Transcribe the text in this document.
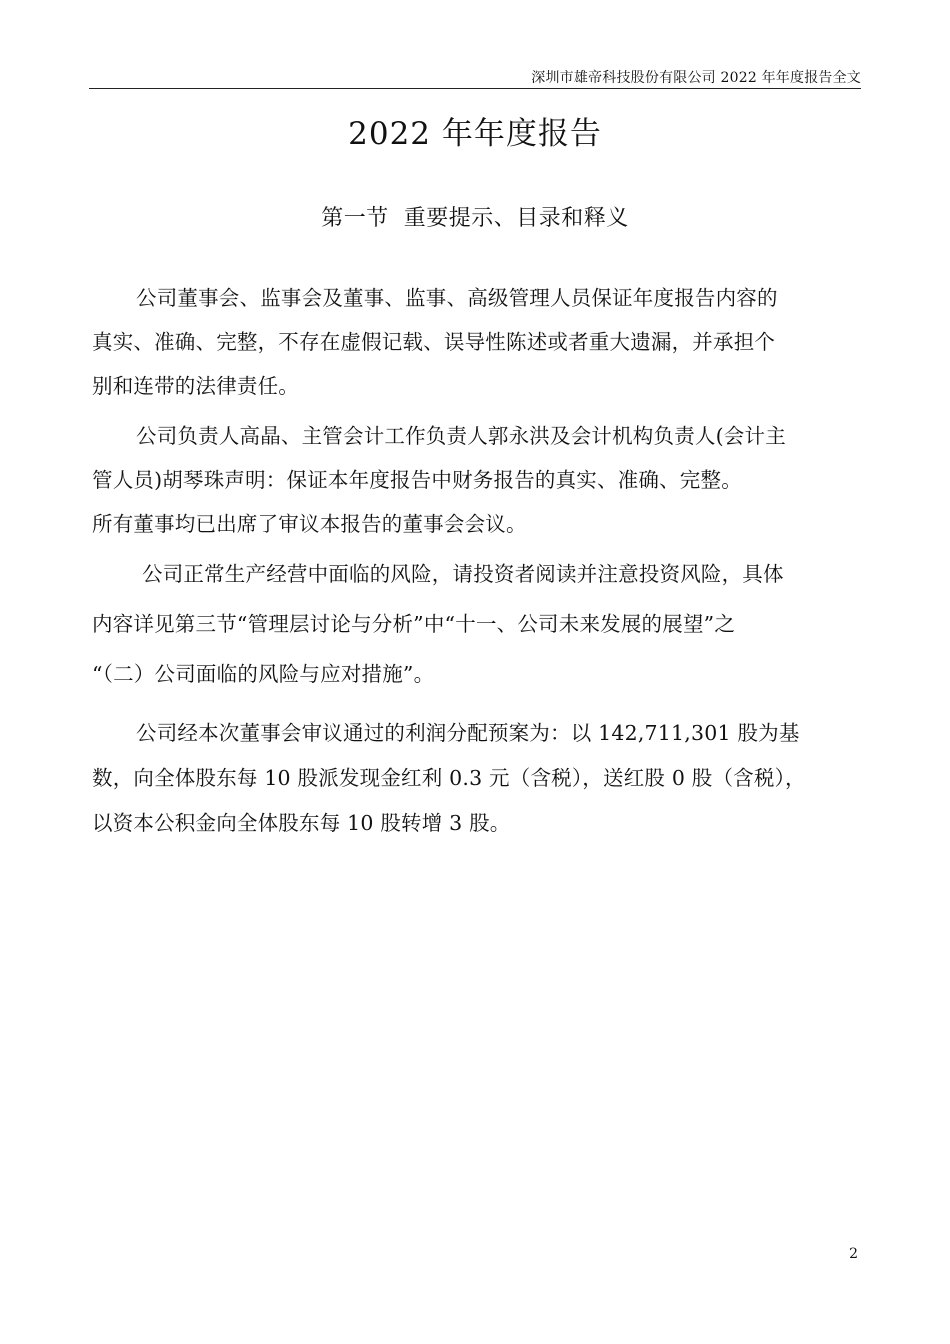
深圳市雄帝科技股份有限公司 2022 年年度报告全文
2022 年年度报告
第一节  重要提示、目录和释义
公司董事会、监事会及董事、监事、高级管理人员保证年度报告内容的
真实、准确、完整，不存在虚假记载、误导性陈述或者重大遗漏，并承担个
别和连带的法律责任。
公司负责人高晶、主管会计工作负责人郭永洪及会计机构负责人(会计主
管人员)胡琴珠声明：保证本年度报告中财务报告的真实、准确、完整。
所有董事均已出席了审议本报告的董事会会议。
公司正常生产经营中面临的风险，请投资者阅读并注意投资风险，具体
内容详见第三节“管理层讨论与分析”中“十一、公司未来发展的展望”之
“（二）公司面临的风险与应对措施”。
公司经本次董事会审议通过的利润分配预案为：以 142,711,301 股为基
数，向全体股东每 10 股派发现金红利 0.3 元（含税），送红股 0 股（含税），
以资本公积金向全体股东每 10 股转增 3 股。
2
